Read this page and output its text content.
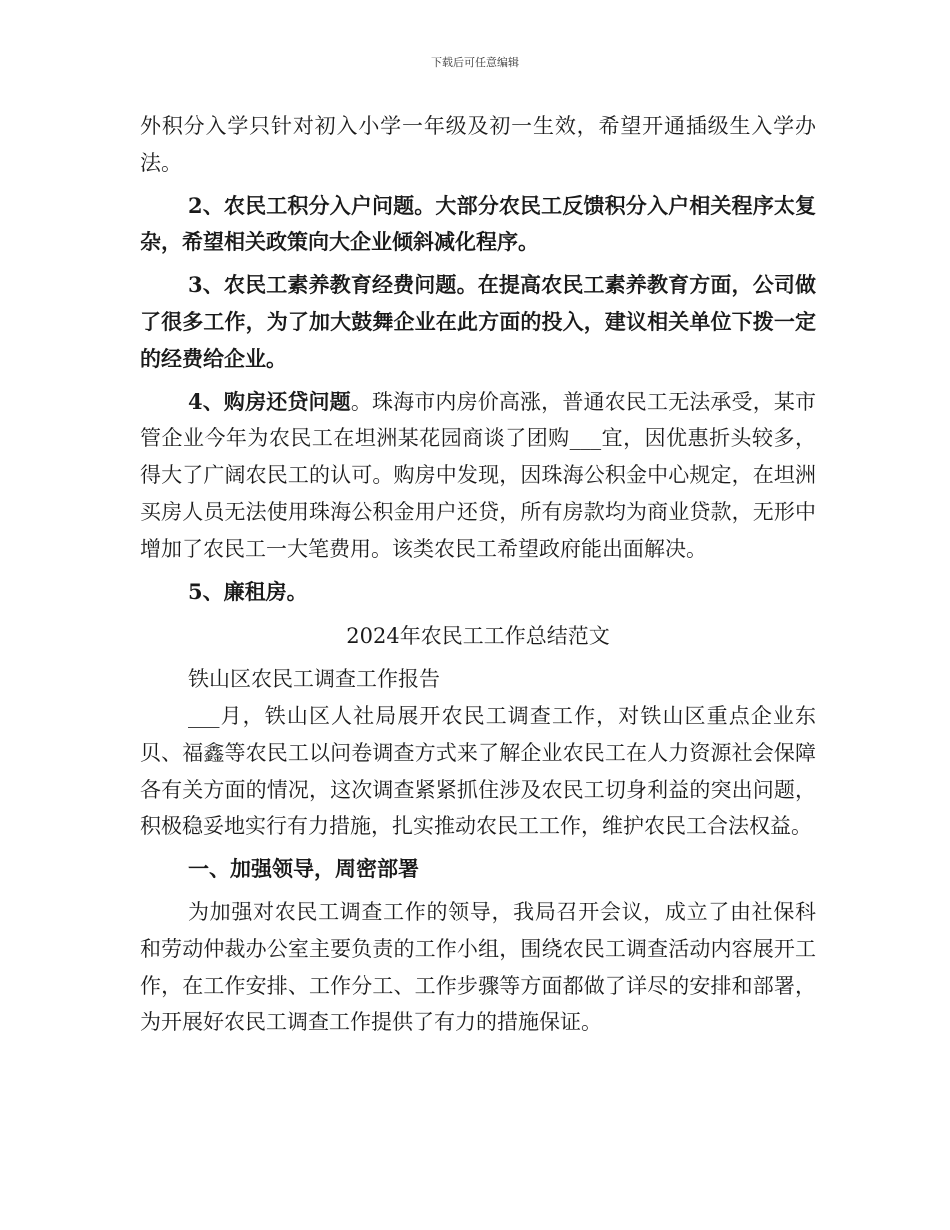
下载后可任意编辑

外积分入学只针对初入小学一年级及初一生效，希望开通插级生入学办法。

2、农民工积分入户问题。大部分农民工反馈积分入户相关程序太复杂，希望相关政策向大企业倾斜减化程序。

3、农民工素养教育经费问题。在提高农民工素养教育方面，公司做了很多工作，为了加大鼓舞企业在此方面的投入，建议相关单位下拨一定的经费给企业。

4、购房还贷问题。珠海市内房价高涨，普通农民工无法承受，某市管企业今年为农民工在坦洲某花园商谈了团购___宜，因优惠折头较多，得大了广阔农民工的认可。购房中发现，因珠海公积金中心规定，在坦洲买房人员无法使用珠海公积金用户还贷，所有房款均为商业贷款，无形中增加了农民工一大笔费用。该类农民工希望政府能出面解决。

5、廉租房。

2024年农民工工作总结范文

铁山区农民工调查工作报告

___月，铁山区人社局展开农民工调查工作，对铁山区重点企业东贝、福鑫等农民工以问卷调查方式来了解企业农民工在人力资源社会保障各有关方面的情况，这次调查紧紧抓住涉及农民工切身利益的突出问题，积极稳妥地实行有力措施，扎实推动农民工工作，维护农民工合法权益。

一、加强领导，周密部署

为加强对农民工调查工作的领导，我局召开会议，成立了由社保科和劳动仲裁办公室主要负责的工作小组，围绕农民工调查活动内容展开工作，在工作安排、工作分工、工作步骤等方面都做了详尽的安排和部署，为开展好农民工调查工作提供了有力的措施保证。
